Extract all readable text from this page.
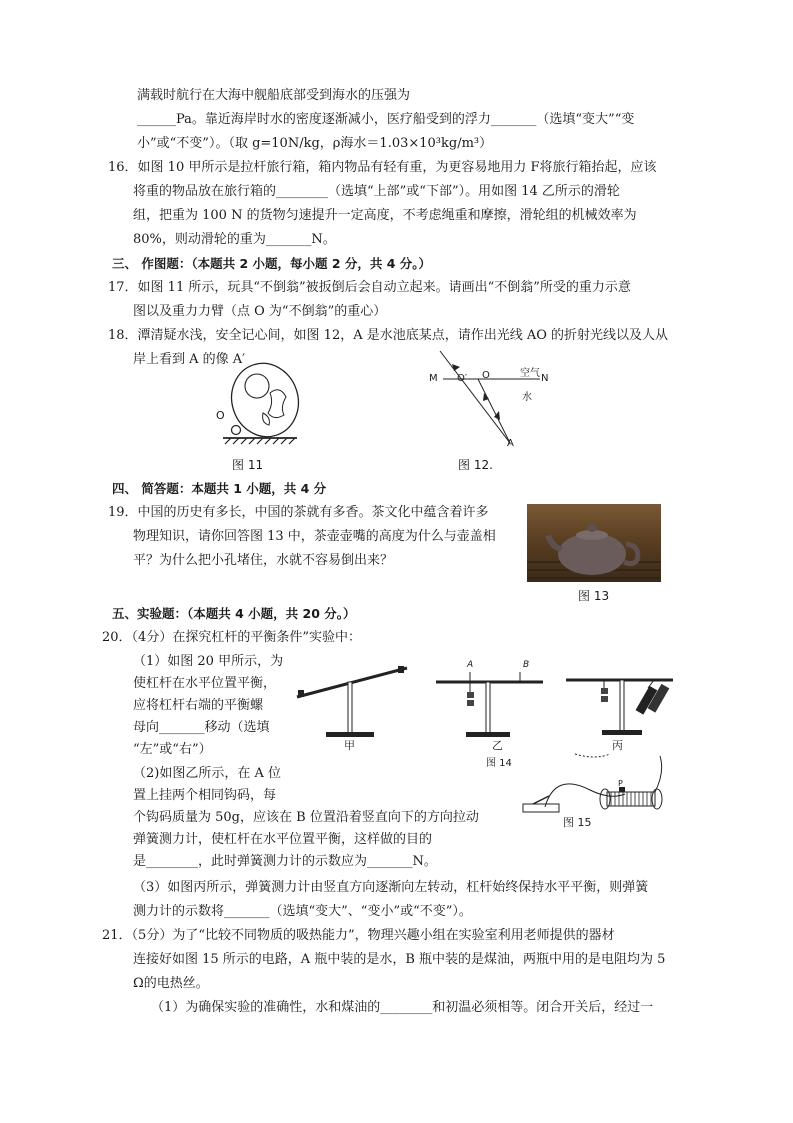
满载时航行在大海中舰船底部受到海水的压强为
______Pa。靠近海岸时水的密度逐渐减小，医疗船受到的浮力_______（选填“变大”“变
小”或“不变”）。（取 g=10N/kg，ρ海水＝1.03×10³kg/m³）
16．如图 10 甲所示是拉杆旅行箱，箱内物品有轻有重，为更容易地用力 F将旅行箱抬起，应该
将重的物品放在旅行箱的________（选填“上部”或“下部”）。用如图 14 乙所示的滑轮
组，把重为 100 N 的货物匀速提升一定高度，不考虑绳重和摩擦，滑轮组的机械效率为
80%，则动滑轮的重为_______N。
三、 作图题：（本题共 2 小题，每小题 2 分，共 4 分。）
17．如图 11 所示，玩具“不倒翁”被扳倒后会自动立起来。请画出“不倒翁”所受的重力示意
图以及重力力臂（点 O 为“不倒翁”的重心）
18．潭清疑水浅，安全记心间，如图 12，A 是水池底某点，请作出光线 AO 的折射光线以及人从
岸上看到 A 的像 A′
O
图 11
M O′ O	空气 N
水
A
图 12.
四、 简答题：本题共 1 小题，共 4 分
19．中国的历史有多长，中国的茶就有多香。茶文化中蕴含着许多
物理知识，请你回答图 13 中，茶壶壶嘴的高度为什么与壶盖相
平？为什么把小孔堵住，水就不容易倒出来？
图 13
五、实验题：（本题共 4 小题，共 20 分。）
20．（4分）在探究杠杆的平衡条件”实验中：
（1）如图 20 甲所示，为
使杠杆在水平位置平衡，
应将杠杆右端的平衡螺
母向_______移动（选填
“左”或“右”）
（2)如图乙所示，在 A 位
置上挂两个相同钩码，每
个钩码质量为 50g，应该在 B 位置沿着竖直向下的方向拉动
弹簧测力计，使杠杆在水平位置平衡，这样做的目的
是________，此时弹簧测力计的示数应为_______N。
（3）如图丙所示，弹簧测力计由竖直方向逐渐向左转动，杠杆始终保持水平平衡，则弹簧
测力计的示数将_______（选填“变大”、“变小”或“不变”）。
甲
A	B
乙	丙
图 14
P
图 15
21．（5分）为了“比较不同物质的吸热能力”，物理兴趣小组在实验室利用老师提供的器材
连接好如图 15 所示的电路，A 瓶中装的是水，B 瓶中装的是煤油，两瓶中用的是电阻均为 5
Ω的电热丝。
（1）为确保实验的准确性，水和煤油的________和初温必须相等。闭合开关后，经过一
